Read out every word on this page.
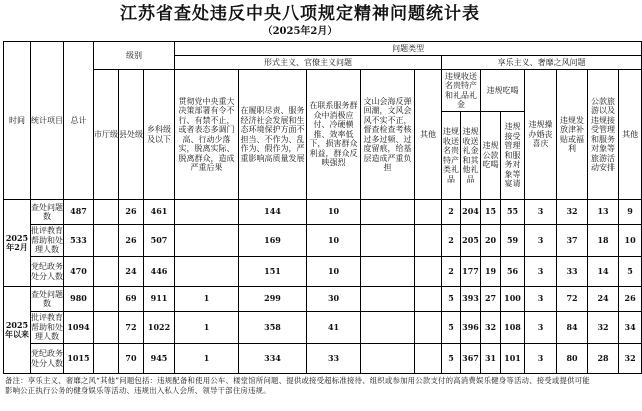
江苏省查处违反中央八项规定精神问题统计表
（2025年2月）
时间	统计项目	总计	级别			问题类型												
						形式主义、官僚主义问题					享乐主义、奢靡之风问题							
			市厅级	县处级	乡科级及以下	贯彻党中央重大决策部署有令不行、有禁不止，或者表态多调门高、行动少落实，脱离实际、脱离群众，造成严重后果	在履职尽责、服务经济社会发展和生态环境保护方面不担当、不作为、乱作为、假作为，严重影响高质量发展	在联系服务群众中消极应付、冷硬横推、效率低下，损害群众利益，群众反映强烈	文山会海反弹回潮，文风会风不实不正，督查检查考核过多过频、过度留痕，给基层造成严重负担	其他	违规收送名贵特产和礼品礼金		违规吃喝		违规操办婚丧喜庆	违规发放津补贴或福利	公款旅游以及违规接受管理和服务对象等旅游活动安排	其他
											违规收送名贵特产类礼品	违规收送礼金和其他礼品	违规公款吃喝	违规接受管理和服务对象等宴请				
2025年2月	查处问题数	487		26	461		144	10			2	204	15	55	3	32	13	9
	批评教育帮助和处理人数	533		26	507		169	10			2	205	20	59	3	37	18	10
	党纪政务处分人数	470		24	446		151	10			2	177	19	56	3	33	14	5
2025年以来	查处问题数	980		69	911	1	299	30			5	393	27	100	3	72	24	26
	批评教育帮助和处理人数	1094		72	1022	1	358	41			5	396	32	108	3	84	32	34
	党纪政务处分人数	1015		70	945	1	334	33			5	367	31	101	3	80	28	32
备注：享乐主义、奢靡之风“其他”问题包括：违规配备和使用公车、楼堂馆所问题、提供或接受超标准接待、组织或参加用公款支付的高消费娱乐健身等活动、接受或提供可能影响公正执行公务的健身娱乐等活动、违规出入私人会所、领导干部住房违规。
